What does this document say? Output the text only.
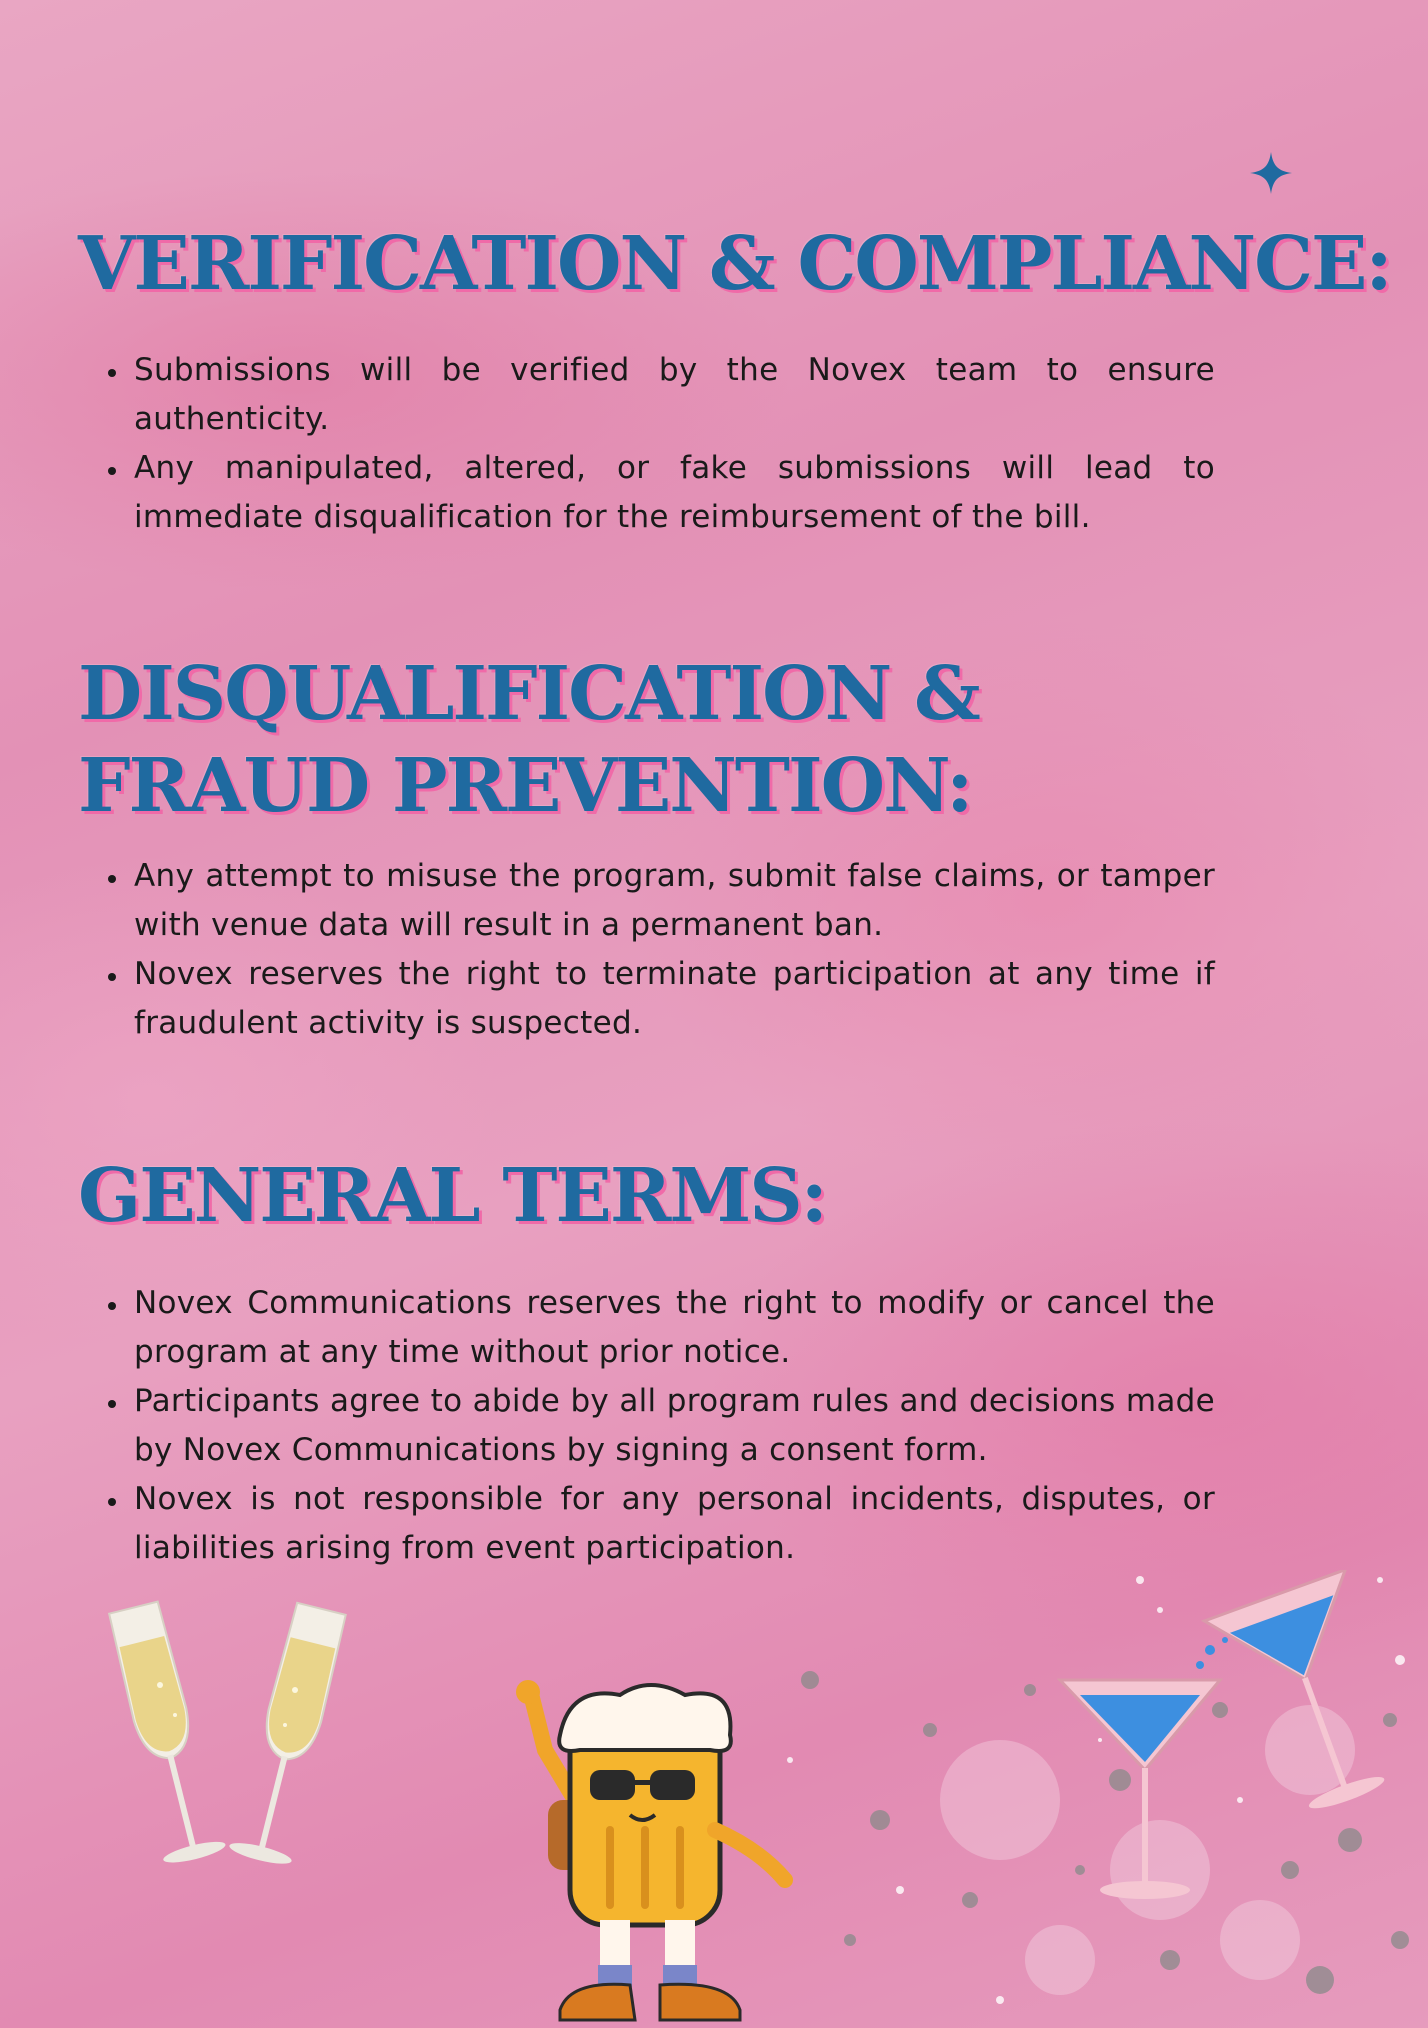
VERIFICATION & COMPLIANCE:
• Submissions will be verified by the Novex team to ensure authenticity.
• Any manipulated, altered, or fake submissions will lead to immediate disqualification for the reimbursement of the bill.
DISQUALIFICATION &
FRAUD PREVENTION:
• Any attempt to misuse the program, submit false claims, or tamper with venue data will result in a permanent ban.
• Novex reserves the right to terminate participation at any time if fraudulent activity is suspected.
GENERAL TERMS:
• Novex Communications reserves the right to modify or cancel the program at any time without prior notice.
• Participants agree to abide by all program rules and decisions made by Novex Communications by signing a consent form.
• Novex is not responsible for any personal incidents, disputes, or liabilities arising from event participation.
